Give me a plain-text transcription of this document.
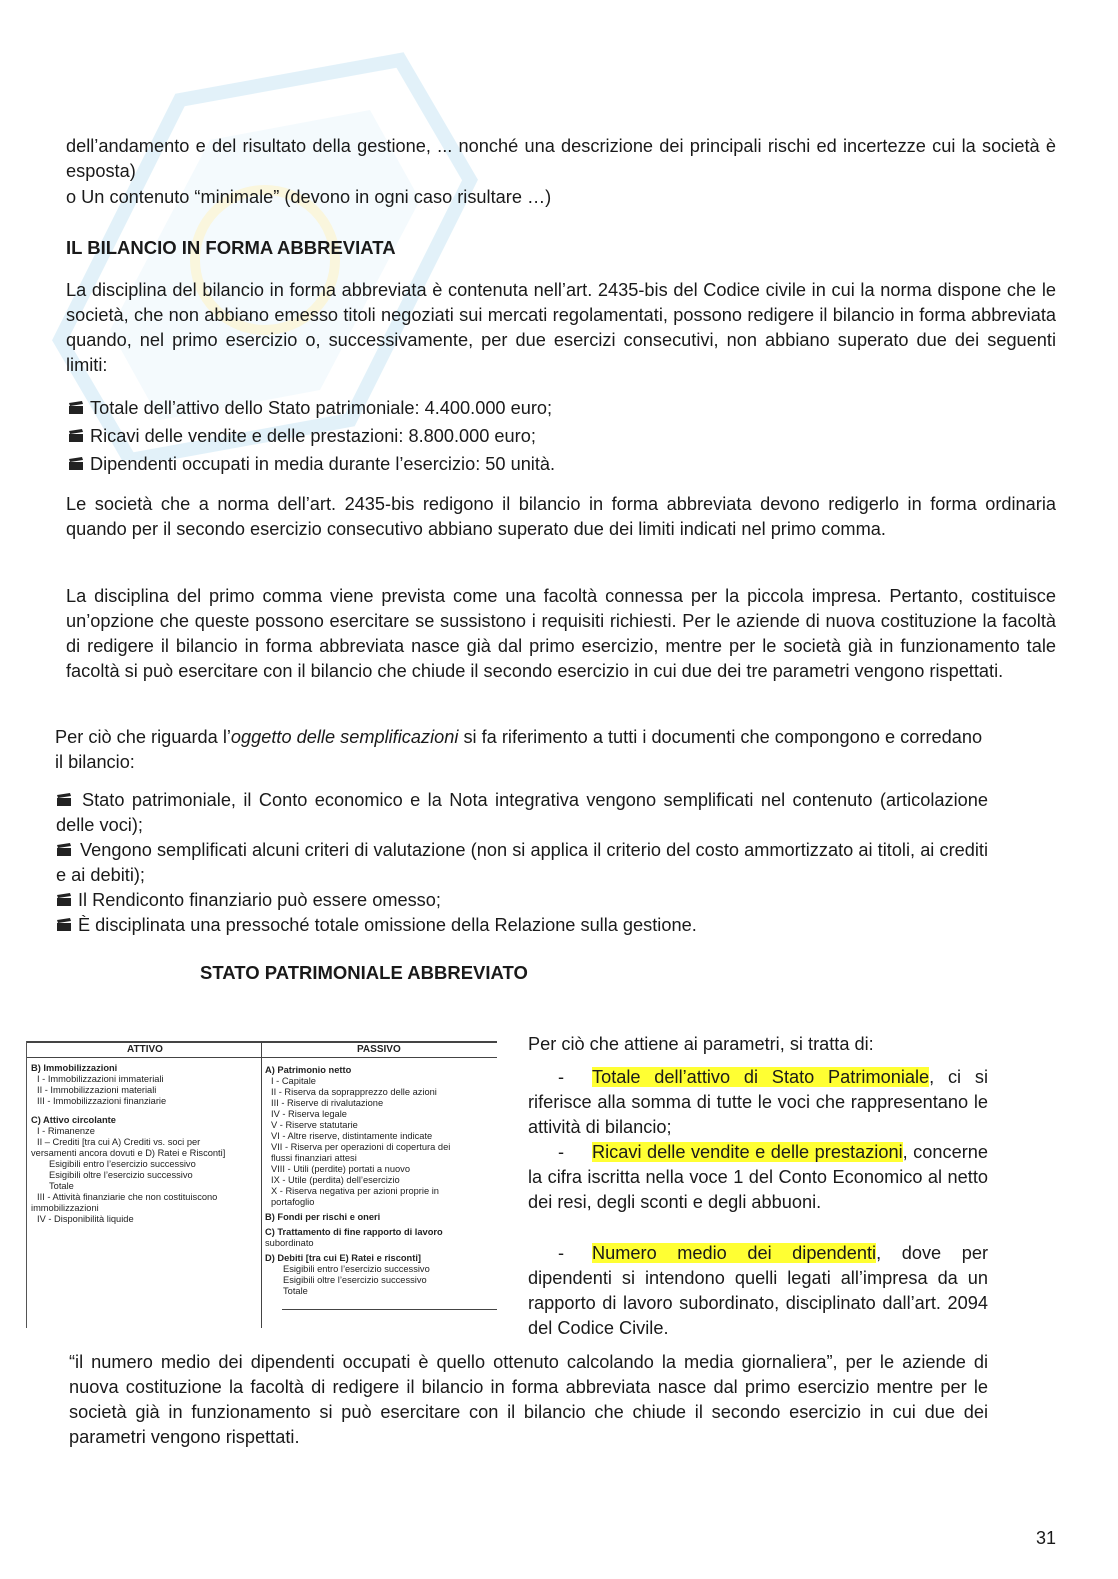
dell’andamento e del risultato della gestione, ... nonché una descrizione dei principali rischi ed incertezze cui la società è esposta)

o Un contenuto “minimale” (devono in ogni caso risultare …)

IL BILANCIO IN FORMA ABBREVIATA

La disciplina del bilancio in forma abbreviata è contenuta nell’art. 2435-bis del Codice civile in cui la norma dispone che le società, che non abbiano emesso titoli negoziati sui mercati regolamentati, possono redigere il bilancio in forma abbreviata quando, nel primo esercizio o, successivamente, per due esercizi consecutivi, non abbiano superato due dei seguenti limiti:

Totale dell’attivo dello Stato patrimoniale: 4.400.000 euro;
Ricavi delle vendite e delle prestazioni: 8.800.000 euro;
Dipendenti occupati in media durante l’esercizio: 50 unità.

Le società che a norma dell’art. 2435-bis redigono il bilancio in forma abbreviata devono redigerlo in forma ordinaria quando per il secondo esercizio consecutivo abbiano superato due dei limiti indicati nel primo comma.

La disciplina del primo comma viene prevista come una facoltà connessa per la piccola impresa. Pertanto, costituisce un’opzione che queste possono esercitare se sussistono i requisiti richiesti. Per le aziende di nuova costituzione la facoltà di redigere il bilancio in forma abbreviata nasce già dal primo esercizio, mentre per le società già in funzionamento tale facoltà si può esercitare con il bilancio che chiude il secondo esercizio in cui due dei tre parametri vengono rispettati.

Per ciò che riguarda l’oggetto delle semplificazioni si fa riferimento a tutti i documenti che compongono e corredano il bilancio:

Stato patrimoniale, il Conto economico e la Nota integrativa vengono semplificati nel contenuto (articolazione delle voci);
Vengono semplificati alcuni criteri di valutazione (non si applica il criterio del costo ammortizzato ai titoli, ai crediti e ai debiti);
Il Rendiconto finanziario può essere omesso;
È disciplinata una pressoché totale omissione della Relazione sulla gestione.
STATO PATRIMONIALE ABBREVIATO
ATTIVO	PASSIVO
B) Immobilizzazioni
I - Immobilizzazioni immateriali
II - Immobilizzazioni materiali
III - Immobilizzazioni finanziarie
C) Attivo circolante
I - Rimanenze
II – Crediti [tra cui A) Crediti vs. soci per
versamenti ancora dovuti e D) Ratei e Risconti]
Esigibili entro l’esercizio successivo
Esigibili oltre l’esercizio successivo
Totale
III - Attività finanziarie che non costituiscono
immobilizzazioni
IV - Disponibilità liquide
A) Patrimonio netto
I - Capitale
II - Riserva da soprapprezzo delle azioni
III - Riserve di rivalutazione
IV - Riserva legale
V - Riserve statutarie
VI - Altre riserve, distintamente indicate
VII - Riserva per operazioni di copertura dei
flussi finanziari attesi
VIII - Utili (perdite) portati a nuovo
IX - Utile (perdita) dell’esercizio
X - Riserva negativa per azioni proprie in
portafoglio
B) Fondi per rischi e oneri
C) Trattamento di fine rapporto di lavoro
subordinato
D) Debiti [tra cui E) Ratei e risconti]
Esigibili entro l’esercizio successivo
Esigibili oltre l’esercizio successivo
Totale

Per ciò che attiene ai parametri, si tratta di:

- Totale dell’attivo di Stato Patrimoniale, ci si riferisce alla somma di tutte le voci che rappresentano le attività di bilancio;

- Ricavi delle vendite e delle prestazioni, concerne la cifra iscritta nella voce 1 del Conto Economico al netto dei resi, degli sconti e degli abbuoni.

- Numero medio dei dipendenti, dove per dipendenti si intendono quelli legati all’impresa da un rapporto di lavoro subordinato, disciplinato dall’art. 2094 del Codice Civile.

“il numero medio dei dipendenti occupati è quello ottenuto calcolando la media giornaliera”, per le aziende di nuova costituzione la facoltà di redigere il bilancio in forma abbreviata nasce dal primo esercizio mentre per le società già in funzionamento si può esercitare con il bilancio che chiude il secondo esercizio in cui due dei parametri vengono rispettati.

31
